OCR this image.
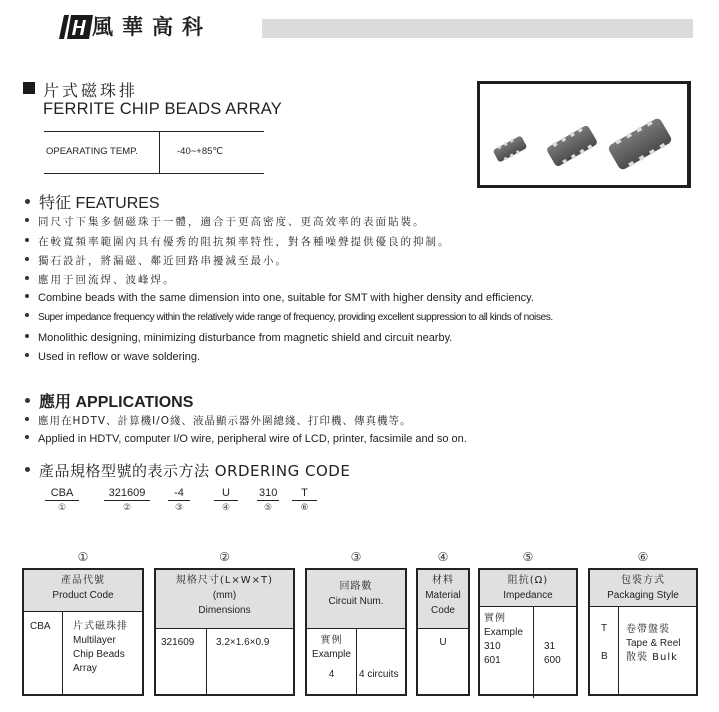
風華高科
片式磁珠排
FERRITE CHIP BEADS ARRAY
OPEARATING TEMP.	-40~+85℃
特征 FEATURES
同尺寸下集多個磁珠于一體，適合于更高密度、更高效率的表面貼裝。
在較寬頻率範圍內具有優秀的阻抗頻率特性，對各種噪聲提供優良的抑制。
獨石設計，將漏磁、鄰近回路串擾減至最小。
應用于回流焊、波峰焊。
Combine beads with the same dimension into one, suitable for SMT with higher density and efficiency.
Super impedance frequency within the relatively wide range of frequency, providing excellent suppression to all kinds of noises.
Monolithic designing, minimizing disturbance from magnetic shield and circuit nearby.
Used in reflow or wave soldering.
應用 APPLICATIONS
應用在HDTV、計算機I/O綫、液晶顯示器外圍總綫、打印機、傳真機等。
Applied in HDTV, computer I/O wire, peripheral wire of LCD, printer, facsimile and so on.
產品規格型號的表示方法 ORDERING CODE
CBA
①
321609
②
-4
③
U
④
310
⑤
T
⑥
①
產品代號
Product Code
CBA 片式磁珠排
Multilayer
Chip Beads
Array
②
規格尺寸(L×W×T)
(mm)
Dimensions
321609 3.2×1.6×0.9
③
回路數
Circuit Num.
實例
Example
4	4 circuits
④
材料
Material
Code
U
⑤
阻抗(Ω)
Impedance
實例
Example
310
601
31
600
⑥
包裝方式
Packaging Style
T
B
卷帶盤裝
Tape & Reel
散裝 Bulk
